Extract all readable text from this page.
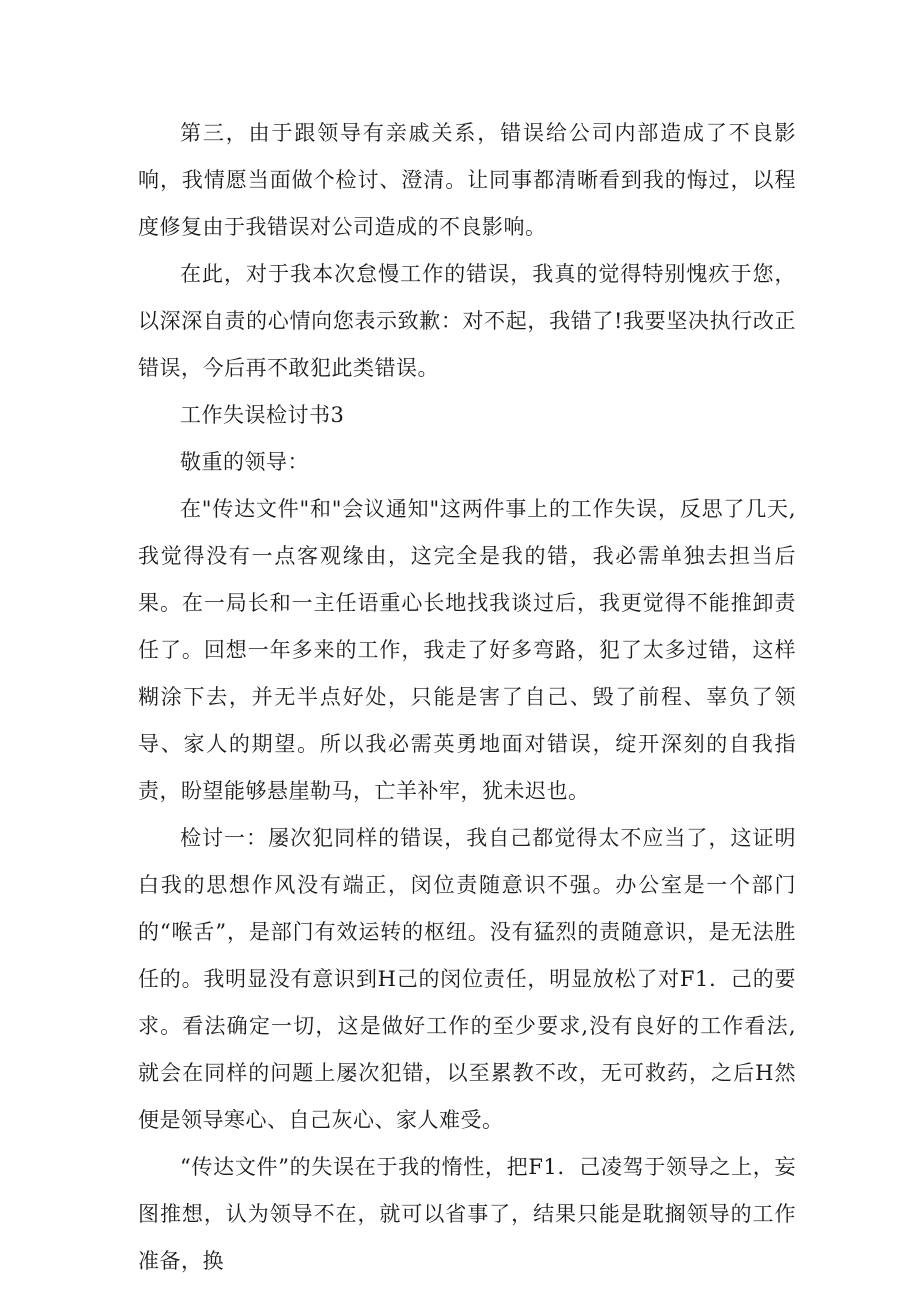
第三，由于跟领导有亲戚关系，错误给公司内部造成了不良影响，我情愿当面做个检讨、澄清。让同事都清晰看到我的悔过，以程度修复由于我错误对公司造成的不良影响。

在此，对于我本次怠慢工作的错误，我真的觉得特别愧疚于您，以深深自责的心情向您表示致歉：对不起，我错了!我要坚决执行改正错误，今后再不敢犯此类错误。

工作失误检讨书3

敬重的领导：

在"传达文件"和"会议通知"这两件事上的工作失误，反思了几天,我觉得没有一点客观缘由，这完全是我的错，我必需单独去担当后果。在一局长和一主任语重心长地找我谈过后，我更觉得不能推卸责任了。回想一年多来的工作，我走了好多弯路，犯了太多过错，这样糊涂下去，并无半点好处，只能是害了自己、毁了前程、辜负了领导、家人的期望。所以我必需英勇地面对错误，绽开深刻的自我指责，盼望能够悬崖勒马，亡羊补牢，犹未迟也。

检讨一：屡次犯同样的错误，我自己都觉得太不应当了，这证明白我的思想作风没有端正，闵位责随意识不强。办公室是一个部门的“喉舌”，是部门有效运转的枢纽。没有猛烈的责随意识，是无法胜任的。我明显没有意识到H己的闵位责任，明显放松了对F1．己的要求。看法确定一切，这是做好工作的至少要求,没有良好的工作看法,就会在同样的问题上屡次犯错，以至累教不改，无可救药，之后H然便是领导寒心、自己灰心、家人难受。

“传达文件”的失误在于我的惰性，把F1．己凌驾于领导之上，妄图推想，认为领导不在，就可以省事了，结果只能是耽搁领导的工作准备，换
